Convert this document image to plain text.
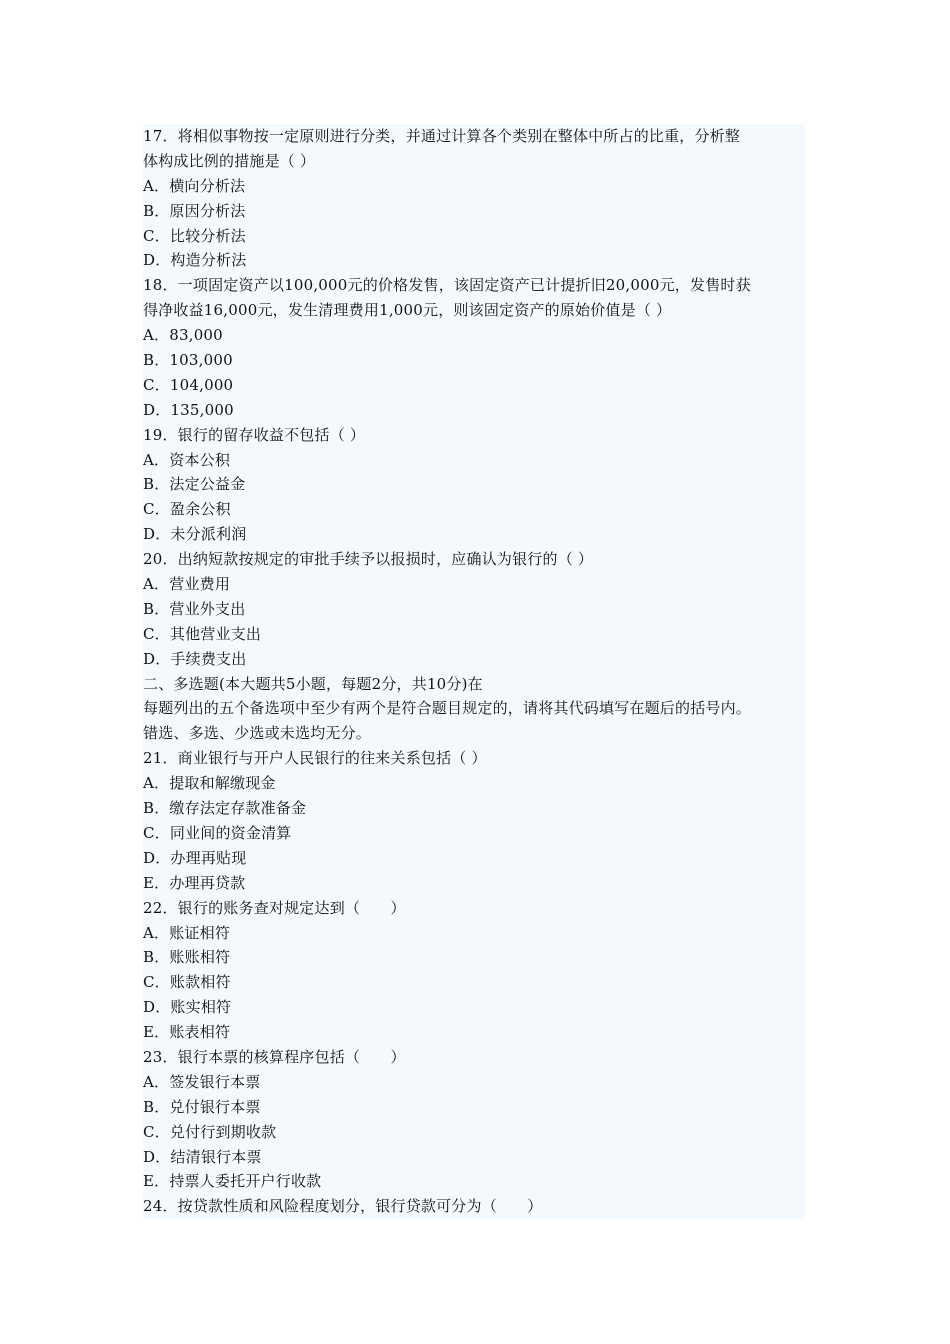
17．将相似事物按一定原则进行分类，并通过计算各个类别在整体中所占的比重，分析整
体构成比例的措施是（ ）
A．横向分析法
B．原因分析法
C．比较分析法
D．构造分析法
18．一项固定资产以100,000元的价格发售，该固定资产已计提折旧20,000元，发售时获
得净收益16,000元，发生清理费用1,000元，则该固定资产的原始价值是（ ）
A．83,000
B．103,000
C．104,000
D．135,000
19．银行的留存收益不包括（ ）
A．资本公积
B．法定公益金
C．盈余公积
D．未分派利润
20．出纳短款按规定的审批手续予以报损时，应确认为银行的（ ）
A．营业费用
B．营业外支出
C．其他营业支出
D．手续费支出
二、多选题(本大题共5小题，每题2分，共10分)在
每题列出的五个备选项中至少有两个是符合题目规定的，请将其代码填写在题后的括号内。
错选、多选、少选或未选均无分。
21．商业银行与开户人民银行的往来关系包括（ ）
A．提取和解缴现金
B．缴存法定存款准备金
C．同业间的资金清算
D．办理再贴现
E．办理再贷款
22．银行的账务查对规定达到（　　）
A．账证相符
B．账账相符
C．账款相符
D．账实相符
E．账表相符
23．银行本票的核算程序包括（　　）
A．签发银行本票
B．兑付银行本票
C．兑付行到期收款
D．结清银行本票
E．持票人委托开户行收款
24．按贷款性质和风险程度划分，银行贷款可分为（　　）
